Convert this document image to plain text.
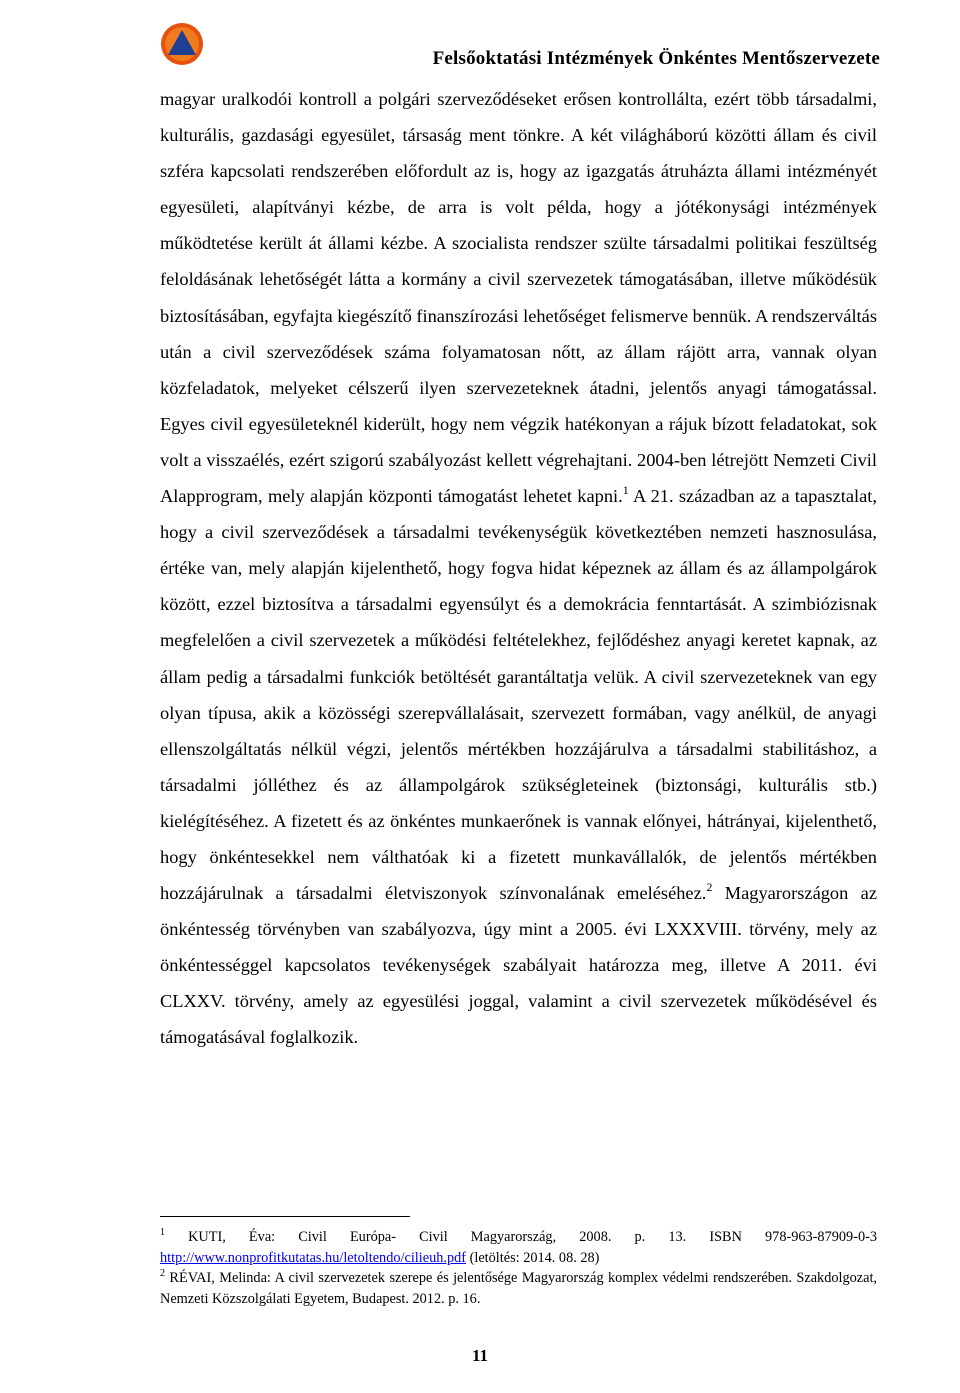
Felsőoktatási Intézmények Önkéntes Mentőszervezete
magyar uralkodói kontroll a polgári szerveződéseket erősen kontrollálta, ezért több társadalmi, kulturális, gazdasági egyesület, társaság ment tönkre. A két világháború közötti állam és civil szféra kapcsolati rendszerében előfordult az is, hogy az igazgatás átruházta állami intézményét egyesületi, alapítványi kézbe, de arra is volt példa, hogy a jótékonysági intézmények működtetése került át állami kézbe. A szocialista rendszer szülte társadalmi politikai feszültség feloldásának lehetőségét látta a kormány a civil szervezetek támogatásában, illetve működésük biztosításában, egyfajta kiegészítő finanszírozási lehetőséget felismerve bennük. A rendszerváltás után a civil szerveződések száma folyamatosan nőtt, az állam rájött arra, vannak olyan közfeladatok, melyeket célszerű ilyen szervezeteknek átadni, jelentős anyagi támogatással. Egyes civil egyesületeknél kiderült, hogy nem végzik hatékonyan a rájuk bízott feladatokat, sok volt a visszaélés, ezért szigorú szabályozást kellett végrehajtani. 2004-ben létrejött Nemzeti Civil Alapprogram, mely alapján központi támogatást lehetet kapni.$^1$ A 21. században az a tapasztalat, hogy a civil szerveződések a társadalmi tevékenységük következtében nemzeti hasznosulása, értéke van, mely alapján kijelenthető, hogy fogva hidat képeznek az állam és az állampolgárok között, ezzel biztosítva a társadalmi egyensúlyt és a demokrácia fenntartását. A szimbiózisnak megfelelően a civil szervezetek a működési feltételekhez, fejlődéshez anyagi keretet kapnak, az állam pedig a társadalmi funkciók betöltését garantáltatja velük. A civil szervezeteknek van egy olyan típusa, akik a közösségi szerepvállalásait, szervezett formában, vagy anélkül, de anyagi ellenszolgáltatás nélkül végzi, jelentős mértékben hozzájárulva a társadalmi stabilitáshoz, a társadalmi jólléthez és az állampolgárok szükségleteinek (biztonsági, kulturális stb.) kielégítéséhez. A fizetett és az önkéntes munkaerőnek is vannak előnyei, hátrányai, kijelenthető, hogy önkéntesekkel nem válthatóak ki a fizetett munkavállalók, de jelentős mértékben hozzájárulnak a társadalmi életviszonyok színvonalának emeléséhez.$^2$ Magyarországon az önkéntesség törvényben van szabályozva, úgy mint a 2005. évi LXXXVIII. törvény, mely az önkéntességgel kapcsolatos tevékenységek szabályait határozza meg, illetve A 2011. évi CLXXV. törvény, amely az egyesülési joggal, valamint a civil szervezetek működésével és támogatásával foglalkozik.

$^1$ KUTI, Éva: Civil Európa- Civil Magyarország, 2008. p. 13. ISBN 978-963-87909-0-3 http://www.nonprofitkutatas.hu/letoltendo/cilieuh.pdf (letöltés: 2014. 08. 28)

$^2$ RÉVAI, Melinda: A civil szervezetek szerepe és jelentősége Magyarország komplex védelmi rendszerében. Szakdolgozat, Nemzeti Közszolgálati Egyetem, Budapest. 2012. p. 16.

11
